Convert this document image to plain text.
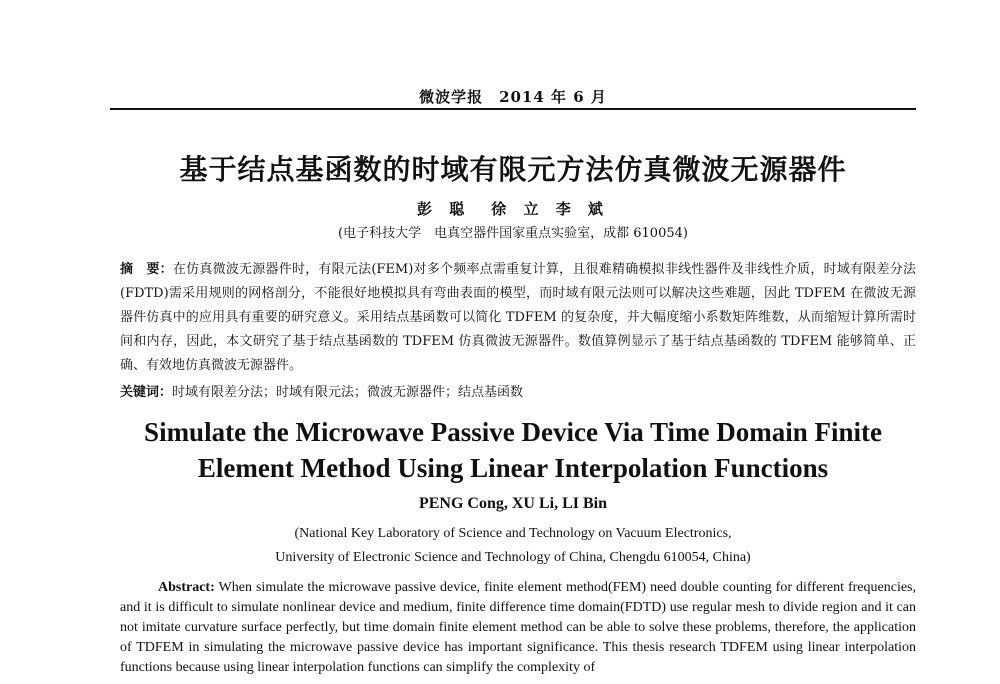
微波学报　2014 年 6 月
基于结点基函数的时域有限元方法仿真微波无源器件
彭 聪　徐 立 李 斌
(电子科技大学　电真空器件国家重点实验室，成都 610054)
摘　要：在仿真微波无源器件时，有限元法(FEM)对多个频率点需重复计算，且很难精确模拟非线性器件及非线性介质，时域有限差分法(FDTD)需采用规则的网格剖分，不能很好地模拟具有弯曲表面的模型，而时域有限元法则可以解决这些难题，因此 TDFEM 在微波无源器件仿真中的应用具有重要的研究意义。采用结点基函数可以简化 TDFEM 的复杂度，并大幅度缩小系数矩阵维数，从而缩短计算所需时间和内存，因此，本文研究了基于结点基函数的 TDFEM 仿真微波无源器件。数值算例显示了基于结点基函数的 TDFEM 能够简单、正确、有效地仿真微波无源器件。
关键词：时域有限差分法；时域有限元法；微波无源器件；结点基函数
Simulate the Microwave Passive Device Via Time Domain Finite
Element Method Using Linear Interpolation Functions
PENG Cong, XU Li, LI Bin
(National Key Laboratory of Science and Technology on Vacuum Electronics,
University of Electronic Science and Technology of China, Chengdu 610054, China)
Abstract: When simulate the microwave passive device, finite element method(FEM) need double counting for different frequencies, and it is difficult to simulate nonlinear device and medium, finite difference time domain(FDTD) use regular mesh to divide region and it can not imitate curvature surface perfectly, but time domain finite element method can be able to solve these problems, therefore, the application of TDFEM in simulating the microwave passive device has important significance. This thesis research TDFEM using linear interpolation functions because using linear interpolation functions can simplify the complexity of
